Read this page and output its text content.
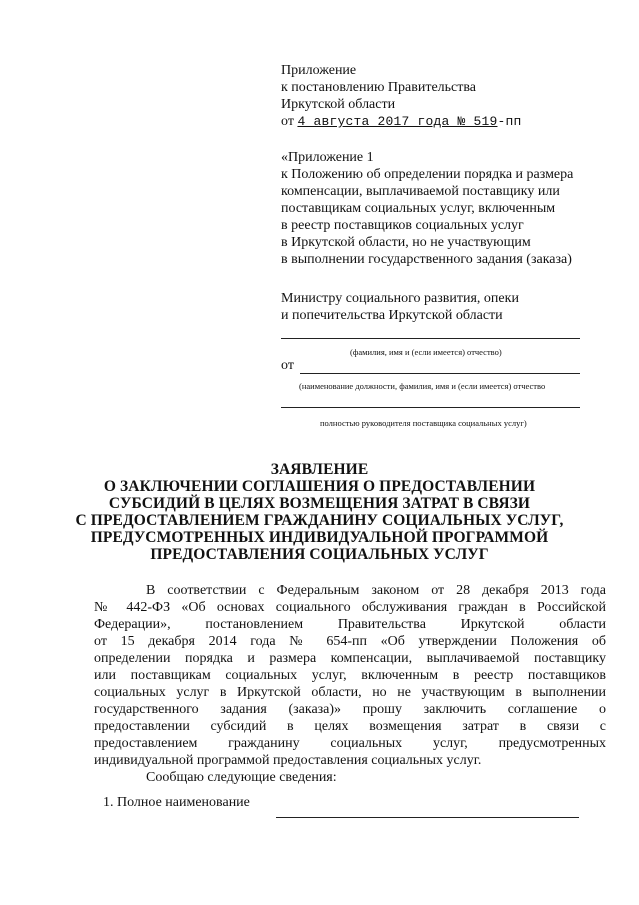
Приложение
к постановлению Правительства
Иркутской области
от 4 августа 2017 года № 519-пп
«Приложение 1
к Положению об определении порядка и размера
компенсации, выплачиваемой поставщику или
поставщикам социальных услуг, включенным
в реестр поставщиков социальных услуг
в Иркутской области, но не участвующим
в выполнении государственного задания (заказа)
Министру социального развития, опеки
и попечительства Иркутской области
(фамилия, имя и (если имеется) отчество)
от
(наименование должности, фамилия, имя и (если имеется) отчество
полностью руководителя поставщика социальных услуг)
ЗАЯВЛЕНИЕ
О ЗАКЛЮЧЕНИИ СОГЛАШЕНИЯ О ПРЕДОСТАВЛЕНИИ
СУБСИДИЙ В ЦЕЛЯХ ВОЗМЕЩЕНИЯ ЗАТРАТ В СВЯЗИ
С ПРЕДОСТАВЛЕНИЕМ ГРАЖДАНИНУ СОЦИАЛЬНЫХ УСЛУГ,
ПРЕДУСМОТРЕННЫХ ИНДИВИДУАЛЬНОЙ ПРОГРАММОЙ
ПРЕДОСТАВЛЕНИЯ СОЦИАЛЬНЫХ УСЛУГ
В соответствии с Федеральным законом от 28 декабря 2013 года
№ 442-ФЗ «Об основах социального обслуживания граждан в Российской
Федерации», постановлением Правительства Иркутской области
от 15 декабря 2014 года № 654-пп «Об утверждении Положения об
определении порядка и размера компенсации, выплачиваемой поставщику
или поставщикам социальных услуг, включенным в реестр поставщиков
социальных услуг в Иркутской области, но не участвующим в выполнении
государственного задания (заказа)» прошу заключить соглашение о
предоставлении субсидий в целях возмещения затрат в связи с
предоставлением гражданину социальных услуг, предусмотренных
индивидуальной программой предоставления социальных услуг.
Сообщаю следующие сведения:
1. Полное наименование
